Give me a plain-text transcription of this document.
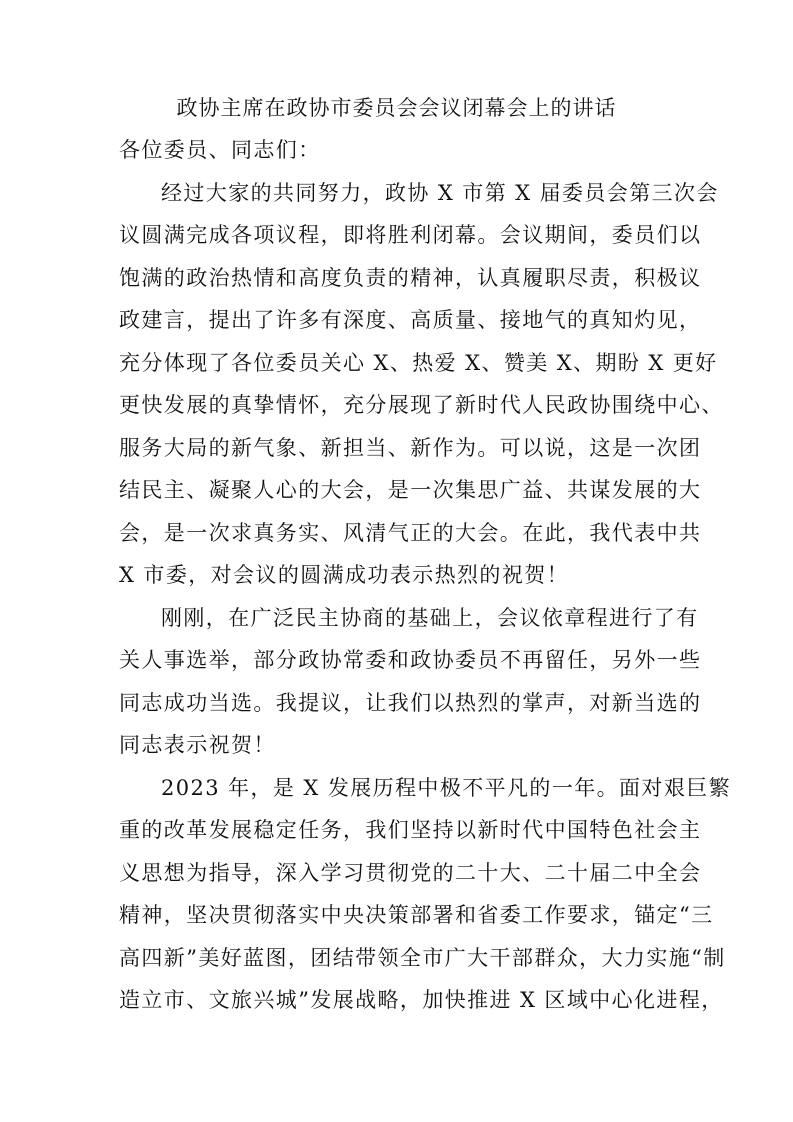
政协主席在政协市委员会会议闭幕会上的讲话

各位委员、同志们：

经过大家的共同努力，政协 X 市第 X 届委员会第三次会

议圆满完成各项议程，即将胜利闭幕。会议期间，委员们以

饱满的政治热情和高度负责的精神，认真履职尽责，积极议

政建言，提出了许多有深度、高质量、接地气的真知灼见，

充分体现了各位委员关心 X、热爱 X、赞美 X、期盼 X 更好

更快发展的真挚情怀，充分展现了新时代人民政协围绕中心、

服务大局的新气象、新担当、新作为。可以说，这是一次团

结民主、凝聚人心的大会，是一次集思广益、共谋发展的大

会，是一次求真务实、风清气正的大会。在此，我代表中共

X 市委，对会议的圆满成功表示热烈的祝贺！

刚刚，在广泛民主协商的基础上，会议依章程进行了有

关人事选举，部分政协常委和政协委员不再留任，另外一些

同志成功当选。我提议，让我们以热烈的掌声，对新当选的

同志表示祝贺！

2023 年，是 X 发展历程中极不平凡的一年。面对艰巨繁

重的改革发展稳定任务，我们坚持以新时代中国特色社会主

义思想为指导，深入学习贯彻党的二十大、二十届二中全会

精神，坚决贯彻落实中央决策部署和省委工作要求，锚定“三

高四新”美好蓝图，团结带领全市广大干部群众，大力实施“制

造立市、文旅兴城”发展战略，加快推进 X 区域中心化进程，
